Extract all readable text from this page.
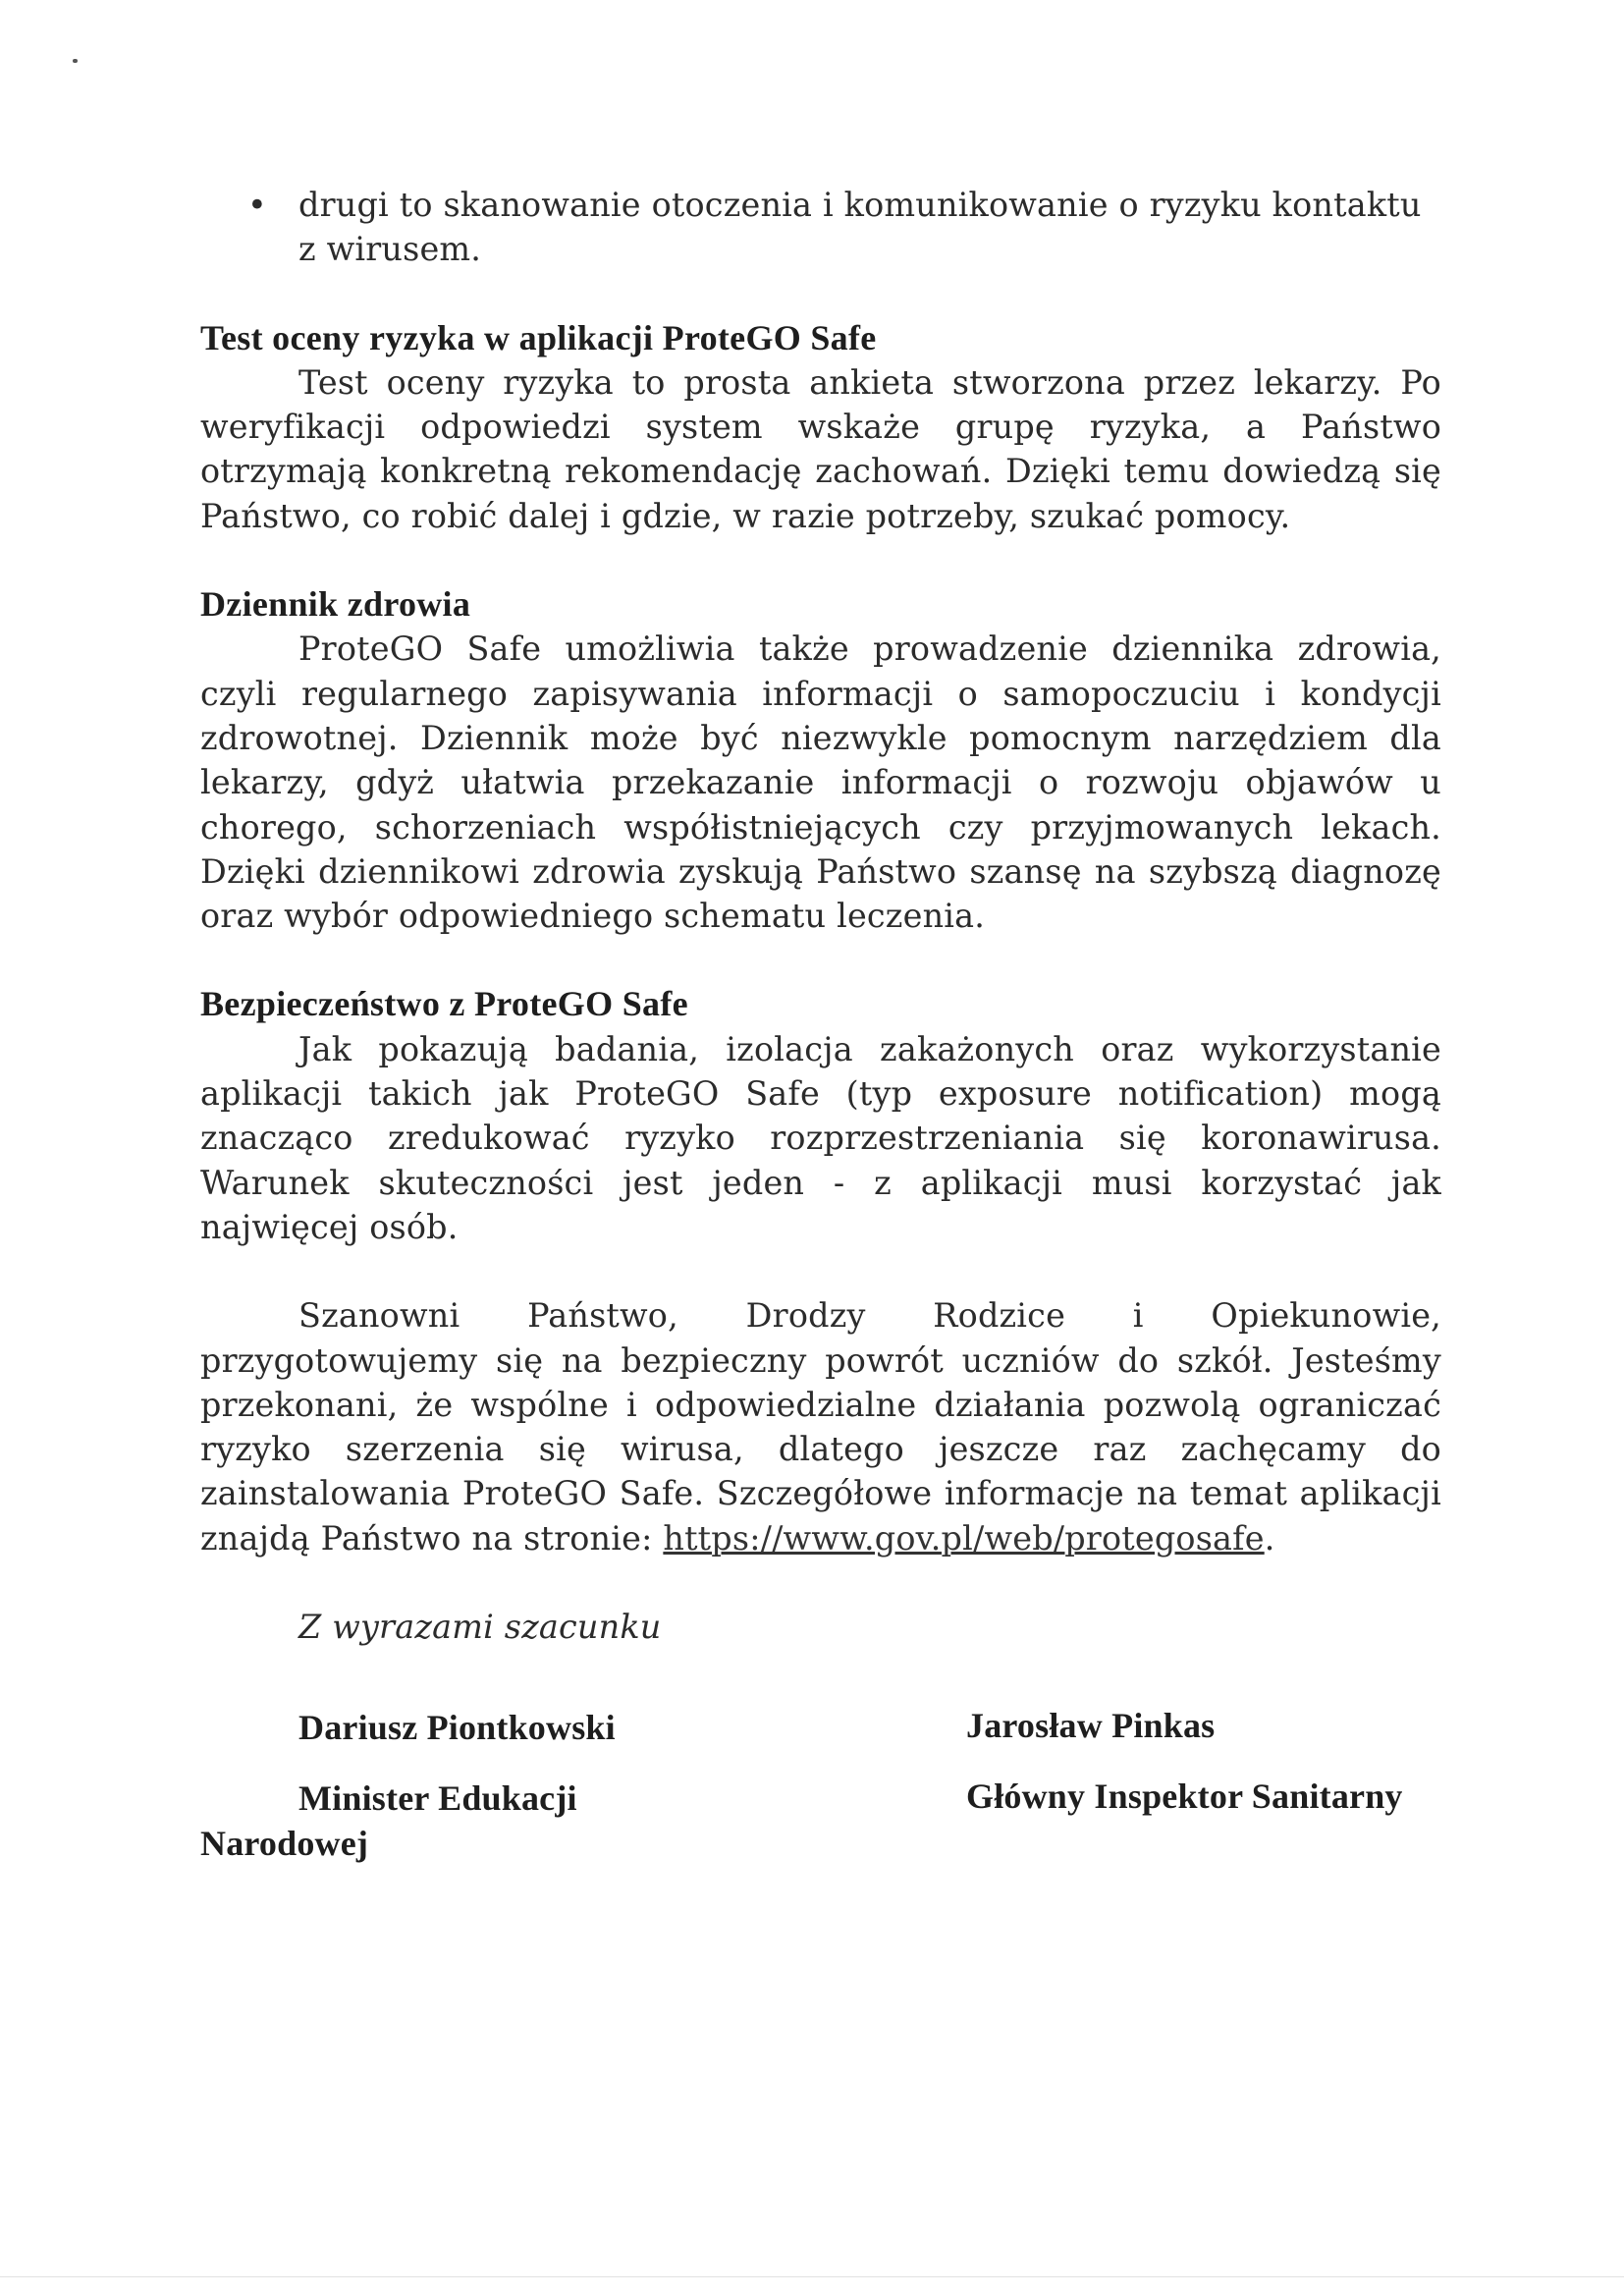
• drugi to skanowanie otoczenia i komunikowanie o ryzyku kontaktu z wirusem.
Test oceny ryzyka w aplikacji ProteGO Safe

Test oceny ryzyka to prosta ankieta stworzona przez lekarzy. Po weryfikacji odpowiedzi system wskaże grupę ryzyka, a Państwo otrzymają konkretną rekomendację zachowań. Dzięki temu dowiedzą się Państwo, co robić dalej i gdzie, w razie potrzeby, szukać pomocy.

Dziennik zdrowia

ProteGO Safe umożliwia także prowadzenie dziennika zdrowia, czyli regularnego zapisywania informacji o samopoczuciu i kondycji zdrowotnej. Dziennik może być niezwykle pomocnym narzędziem dla lekarzy, gdyż ułatwia przekazanie informacji o rozwoju objawów u chorego, schorzeniach współistniejących czy przyjmowanych lekach. Dzięki dziennikowi zdrowia zyskują Państwo szansę na szybszą diagnozę oraz wybór odpowiedniego schematu leczenia.

Bezpieczeństwo z ProteGO Safe

Jak pokazują badania, izolacja zakażonych oraz wykorzystanie aplikacji takich jak ProteGO Safe (typ exposure notification) mogą znacząco zredukować ryzyko rozprzestrzeniania się koronawirusa. Warunek skuteczności jest jeden - z aplikacji musi korzystać jak najwięcej osób.

Szanowni Państwo, Drodzy Rodzice i Opiekunowie, przygotowujemy się na bezpieczny powrót uczniów do szkół. Jesteśmy przekonani, że wspólne i odpowiedzialne działania pozwolą ograniczać ryzyko szerzenia się wirusa, dlatego jeszcze raz zachęcamy do zainstalowania ProteGO Safe. Szczegółowe informacje na temat aplikacji znajdą Państwo na stronie: https://www.gov.pl/web/protegosafe.

Z wyrazami szacunku
Dariusz Piontkowski
Minister Edukacji Narodowej
Jarosław Pinkas
Główny Inspektor Sanitarny
